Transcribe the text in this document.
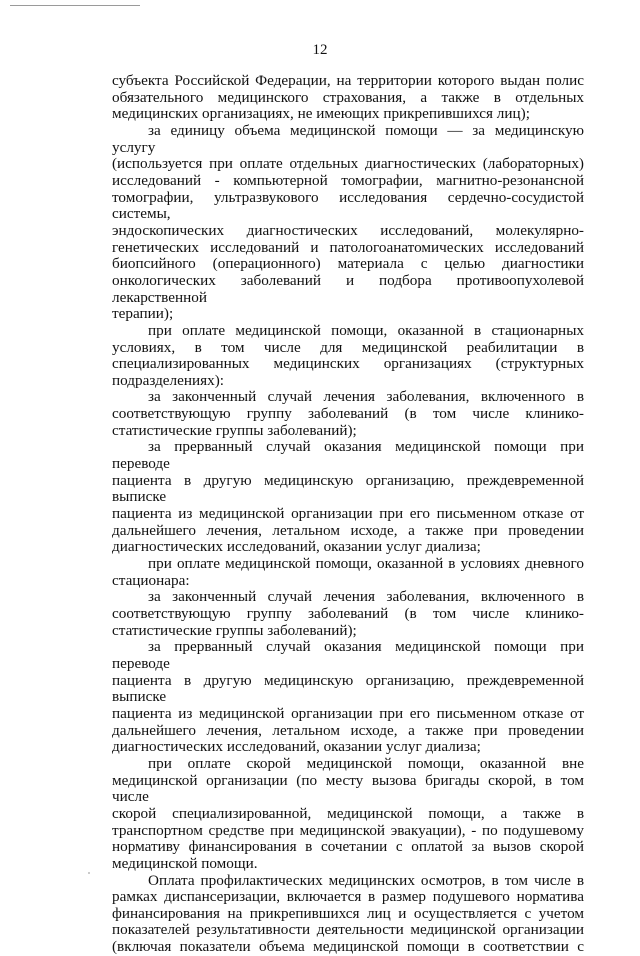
12

субъекта Российской Федерации, на территории которого выдан полис

обязательного медицинского страхования, а также в отдельных

медицинских организациях, не имеющих прикрепившихся лиц);

за единицу объема медицинской помощи — за медицинскую услугу

(используется при оплате отдельных диагностических (лабораторных)

исследований - компьютерной томографии, магнитно-резонансной

томографии, ультразвукового исследования сердечно-сосудистой системы,

эндоскопических диагностических исследований, молекулярно-

генетических исследований и патологоанатомических исследований

биопсийного (операционного) материала с целью диагностики

онкологических заболеваний и подбора противоопухолевой лекарственной

терапии);

при оплате медицинской помощи, оказанной в стационарных

условиях, в том числе для медицинской реабилитации в

специализированных медицинских организациях (структурных

подразделениях):

за законченный случай лечения заболевания, включенного в

соответствующую группу заболеваний (в том числе клинико-

статистические группы заболеваний);

за прерванный случай оказания медицинской помощи при переводе

пациента в другую медицинскую организацию, преждевременной выписке

пациента из медицинской организации при его письменном отказе от

дальнейшего лечения, летальном исходе, а также при проведении

диагностических исследований, оказании услуг диализа;

при оплате медицинской помощи, оказанной в условиях дневного

стационара:

за законченный случай лечения заболевания, включенного в

соответствующую группу заболеваний (в том числе клинико-

статистические группы заболеваний);

за прерванный случай оказания медицинской помощи при переводе

пациента в другую медицинскую организацию, преждевременной выписке

пациента из медицинской организации при его письменном отказе от

дальнейшего лечения, летальном исходе, а также при проведении

диагностических исследований, оказании услуг диализа;

при оплате скорой медицинской помощи, оказанной вне

медицинской организации (по месту вызова бригады скорой, в том числе

скорой специализированной, медицинской помощи, а также в

транспортном средстве при медицинской эвакуации), - по подушевому

нормативу финансирования в сочетании с оплатой за вызов скорой

медицинской помощи.

Оплата профилактических медицинских осмотров, в том числе в

рамках диспансеризации, включается в размер подушевого норматива

финансирования на прикрепившихся лиц и осуществляется с учетом

показателей результативности деятельности медицинской организации

(включая показатели объема медицинской помощи в соответствии с
